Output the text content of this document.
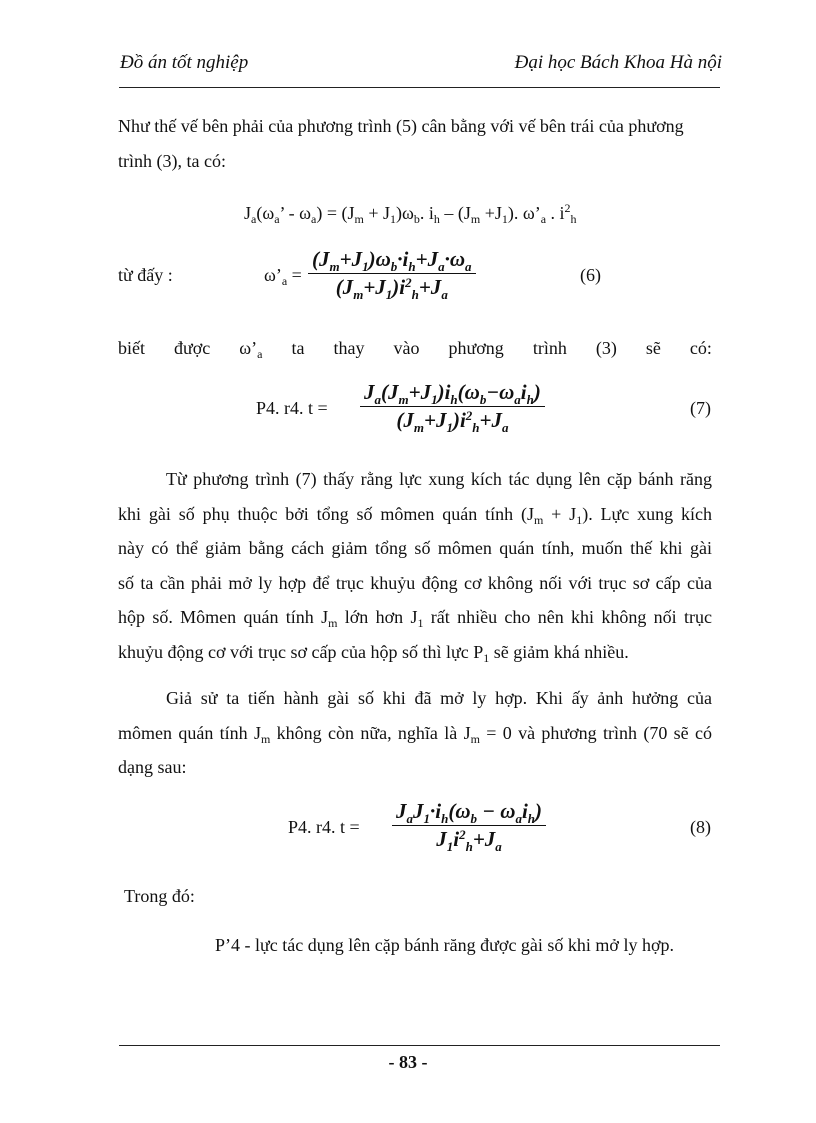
Đồ án tốt nghiệp	Đại học Bách Khoa Hà nội
Như thế vế bên phải của phương trình (5) cân bằng với vế bên trái của phương
trình (3), ta có:
$J_a(\omega_a$’ - $\omega_a) = (J_m + J_1)\omega_b$. $i_h - (J_m +J_1)$. $\omega’_a$ . $i^2_h$
từ đấy :	$\omega’_a = \frac{(J_m+J_1)\omega_b\cdot i_h+J_a\cdot\omega_a}{(J_m+J_1)i^2_h+J_a}$	(6)
biết được $\omega’_a$ ta thay vào phương trình (3) sẽ có:
P4. r4. t =
$J_a(J_m+J_1)i_h(\omega_b-\omega_ai_h)$
$(J_m+J_1)i^2_h+J_a$
(7)
Từ phương trình (7) thấy rằng lực xung kích tác dụng lên cặp bánh răng
khi gài số phụ thuộc bởi tổng số mômen quán tính $(J_m + J_1)$. Lực xung kích
này có thể giảm bằng cách giảm tổng số mômen quán tính, muốn thế khi gài
số ta cần phải mở ly hợp để trục khuỷu động cơ không nối với trục sơ cấp của
hộp số. Mômen quán tính $J_m$ lớn hơn $J_1$ rất nhiều cho nên khi không nối trục
khuỷu động cơ với trục sơ cấp của hộp số thì lực $P_1$ sẽ giảm khá nhiều.
Giả sử ta tiến hành gài số khi đã mở ly hợp. Khi ấy ảnh hưởng của
mômen quán tính $J_m$ không còn nữa, nghĩa là $J_m = 0$ và phương trình (70 sẽ có
dạng sau:
P4. r4. t =
$J_aJ_1\cdot i_h(\omega_b - \omega_ai_h)$
$J_1i^2_h+J_a$
(8)
Trong đó:
P’4 - lực tác dụng lên cặp bánh răng được gài số khi mở ly hợp.
- 83 -
